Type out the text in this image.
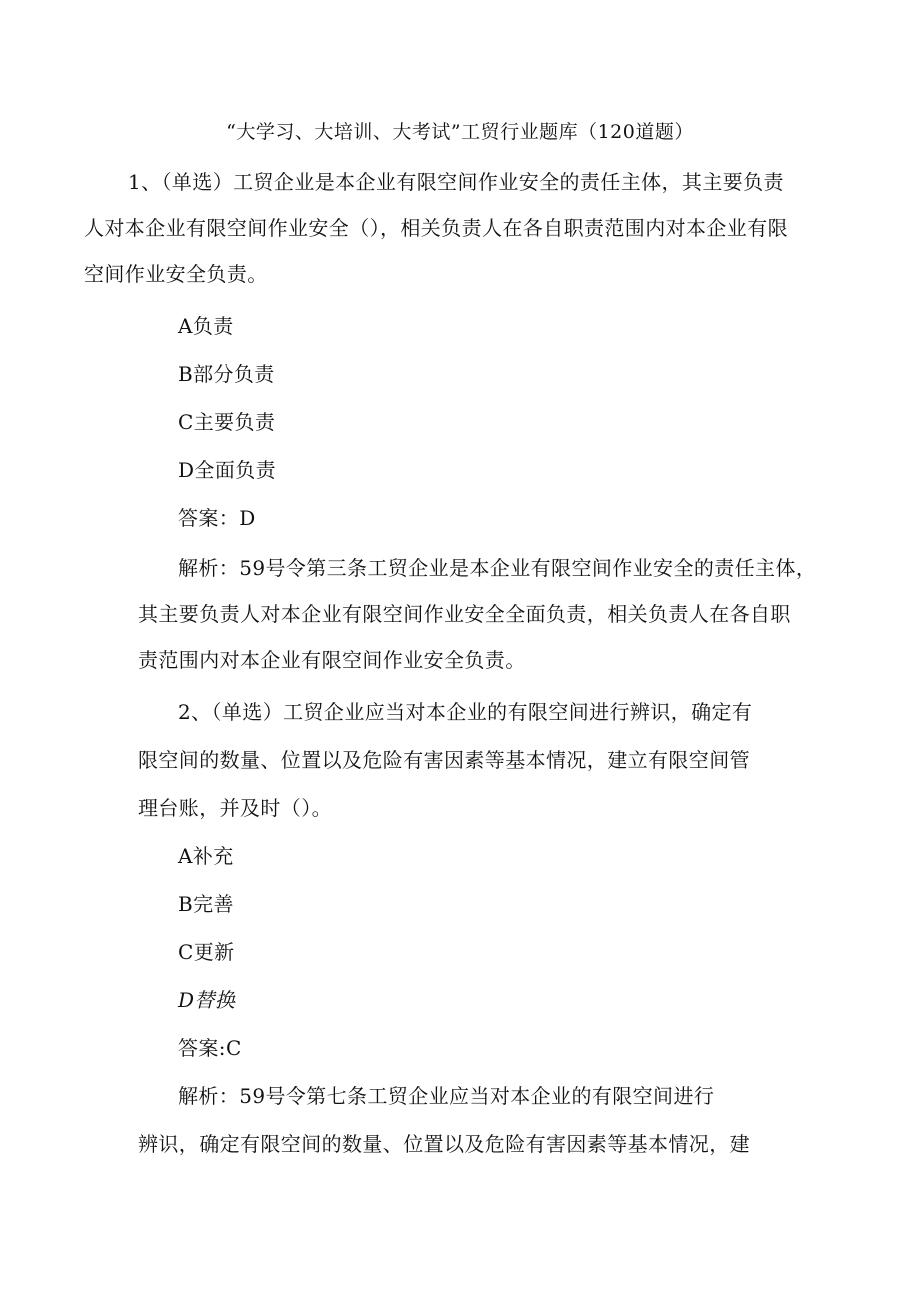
“大学习、大培训、大考试”工贸行业题库（120道题）
1、（单选）工贸企业是本企业有限空间作业安全的责任主体，其主要负责
人对本企业有限空间作业安全（），相关负责人在各自职责范围内对本企业有限
空间作业安全负责。
A负责
B部分负责
C主要负责
D全面负责
答案：D
解析：59号令第三条工贸企业是本企业有限空间作业安全的责任主体，
其主要负责人对本企业有限空间作业安全全面负责，相关负责人在各自职
责范围内对本企业有限空间作业安全负责。
2、（单选）工贸企业应当对本企业的有限空间进行辨识，确定有
限空间的数量、位置以及危险有害因素等基本情况，建立有限空间管
理台账，并及时（）。
A补充
B完善
C更新
D替换
答案:C
解析：59号令第七条工贸企业应当对本企业的有限空间进行
辨识，确定有限空间的数量、位置以及危险有害因素等基本情况，建
